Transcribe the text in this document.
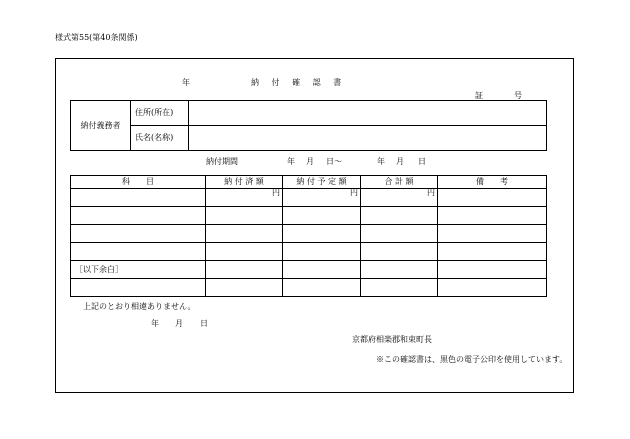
様式第55(第40条関係)
年	納 付 確 認 書
証	号
納付義務者	住所(所在)	
	氏名(名称)	
納付期間	年 月 日〜	年 月 日
科　　目	納 付 済 額	納 付 予 定 額	合 計 額	備　　考
	円	円	円	

［以下余白］				

上記のとおり相違ありません。
年 月 日
京都府相楽郡和束町長
※この確認書は、黒色の電子公印を使用しています。
